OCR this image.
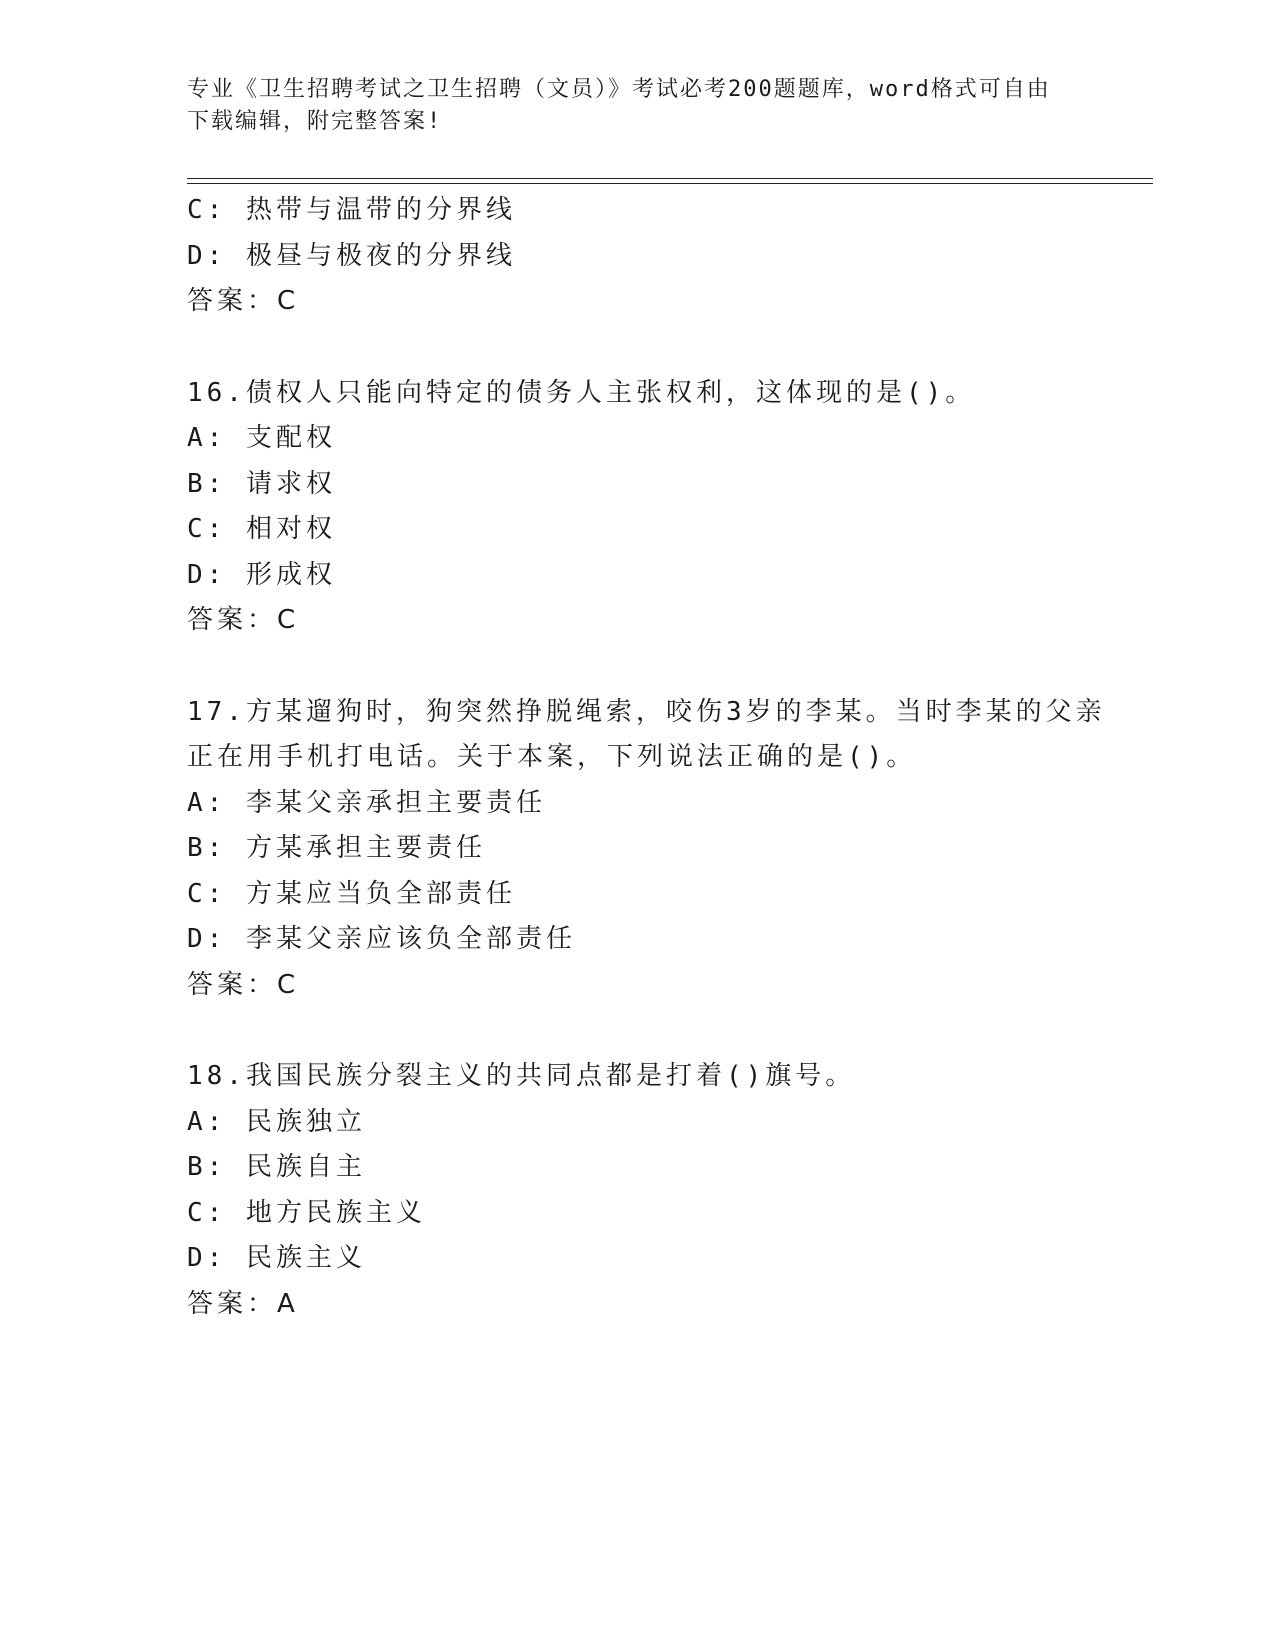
专业《卫生招聘考试之卫生招聘（文员）》考试必考200题题库，word格式可自由下载编辑，附完整答案!
C: 热带与温带的分界线
D: 极昼与极夜的分界线
答案：C
16.债权人只能向特定的债务人主张权利，这体现的是()。
A: 支配权
B: 请求权
C: 相对权
D: 形成权
答案：C
17.方某遛狗时，狗突然挣脱绳索，咬伤3岁的李某。当时李某的父亲
正在用手机打电话。关于本案，下列说法正确的是()。
A: 李某父亲承担主要责任
B: 方某承担主要责任
C: 方某应当负全部责任
D: 李某父亲应该负全部责任
答案：C
18.我国民族分裂主义的共同点都是打着()旗号。
A: 民族独立
B: 民族自主
C: 地方民族主义
D: 民族主义
答案：A
